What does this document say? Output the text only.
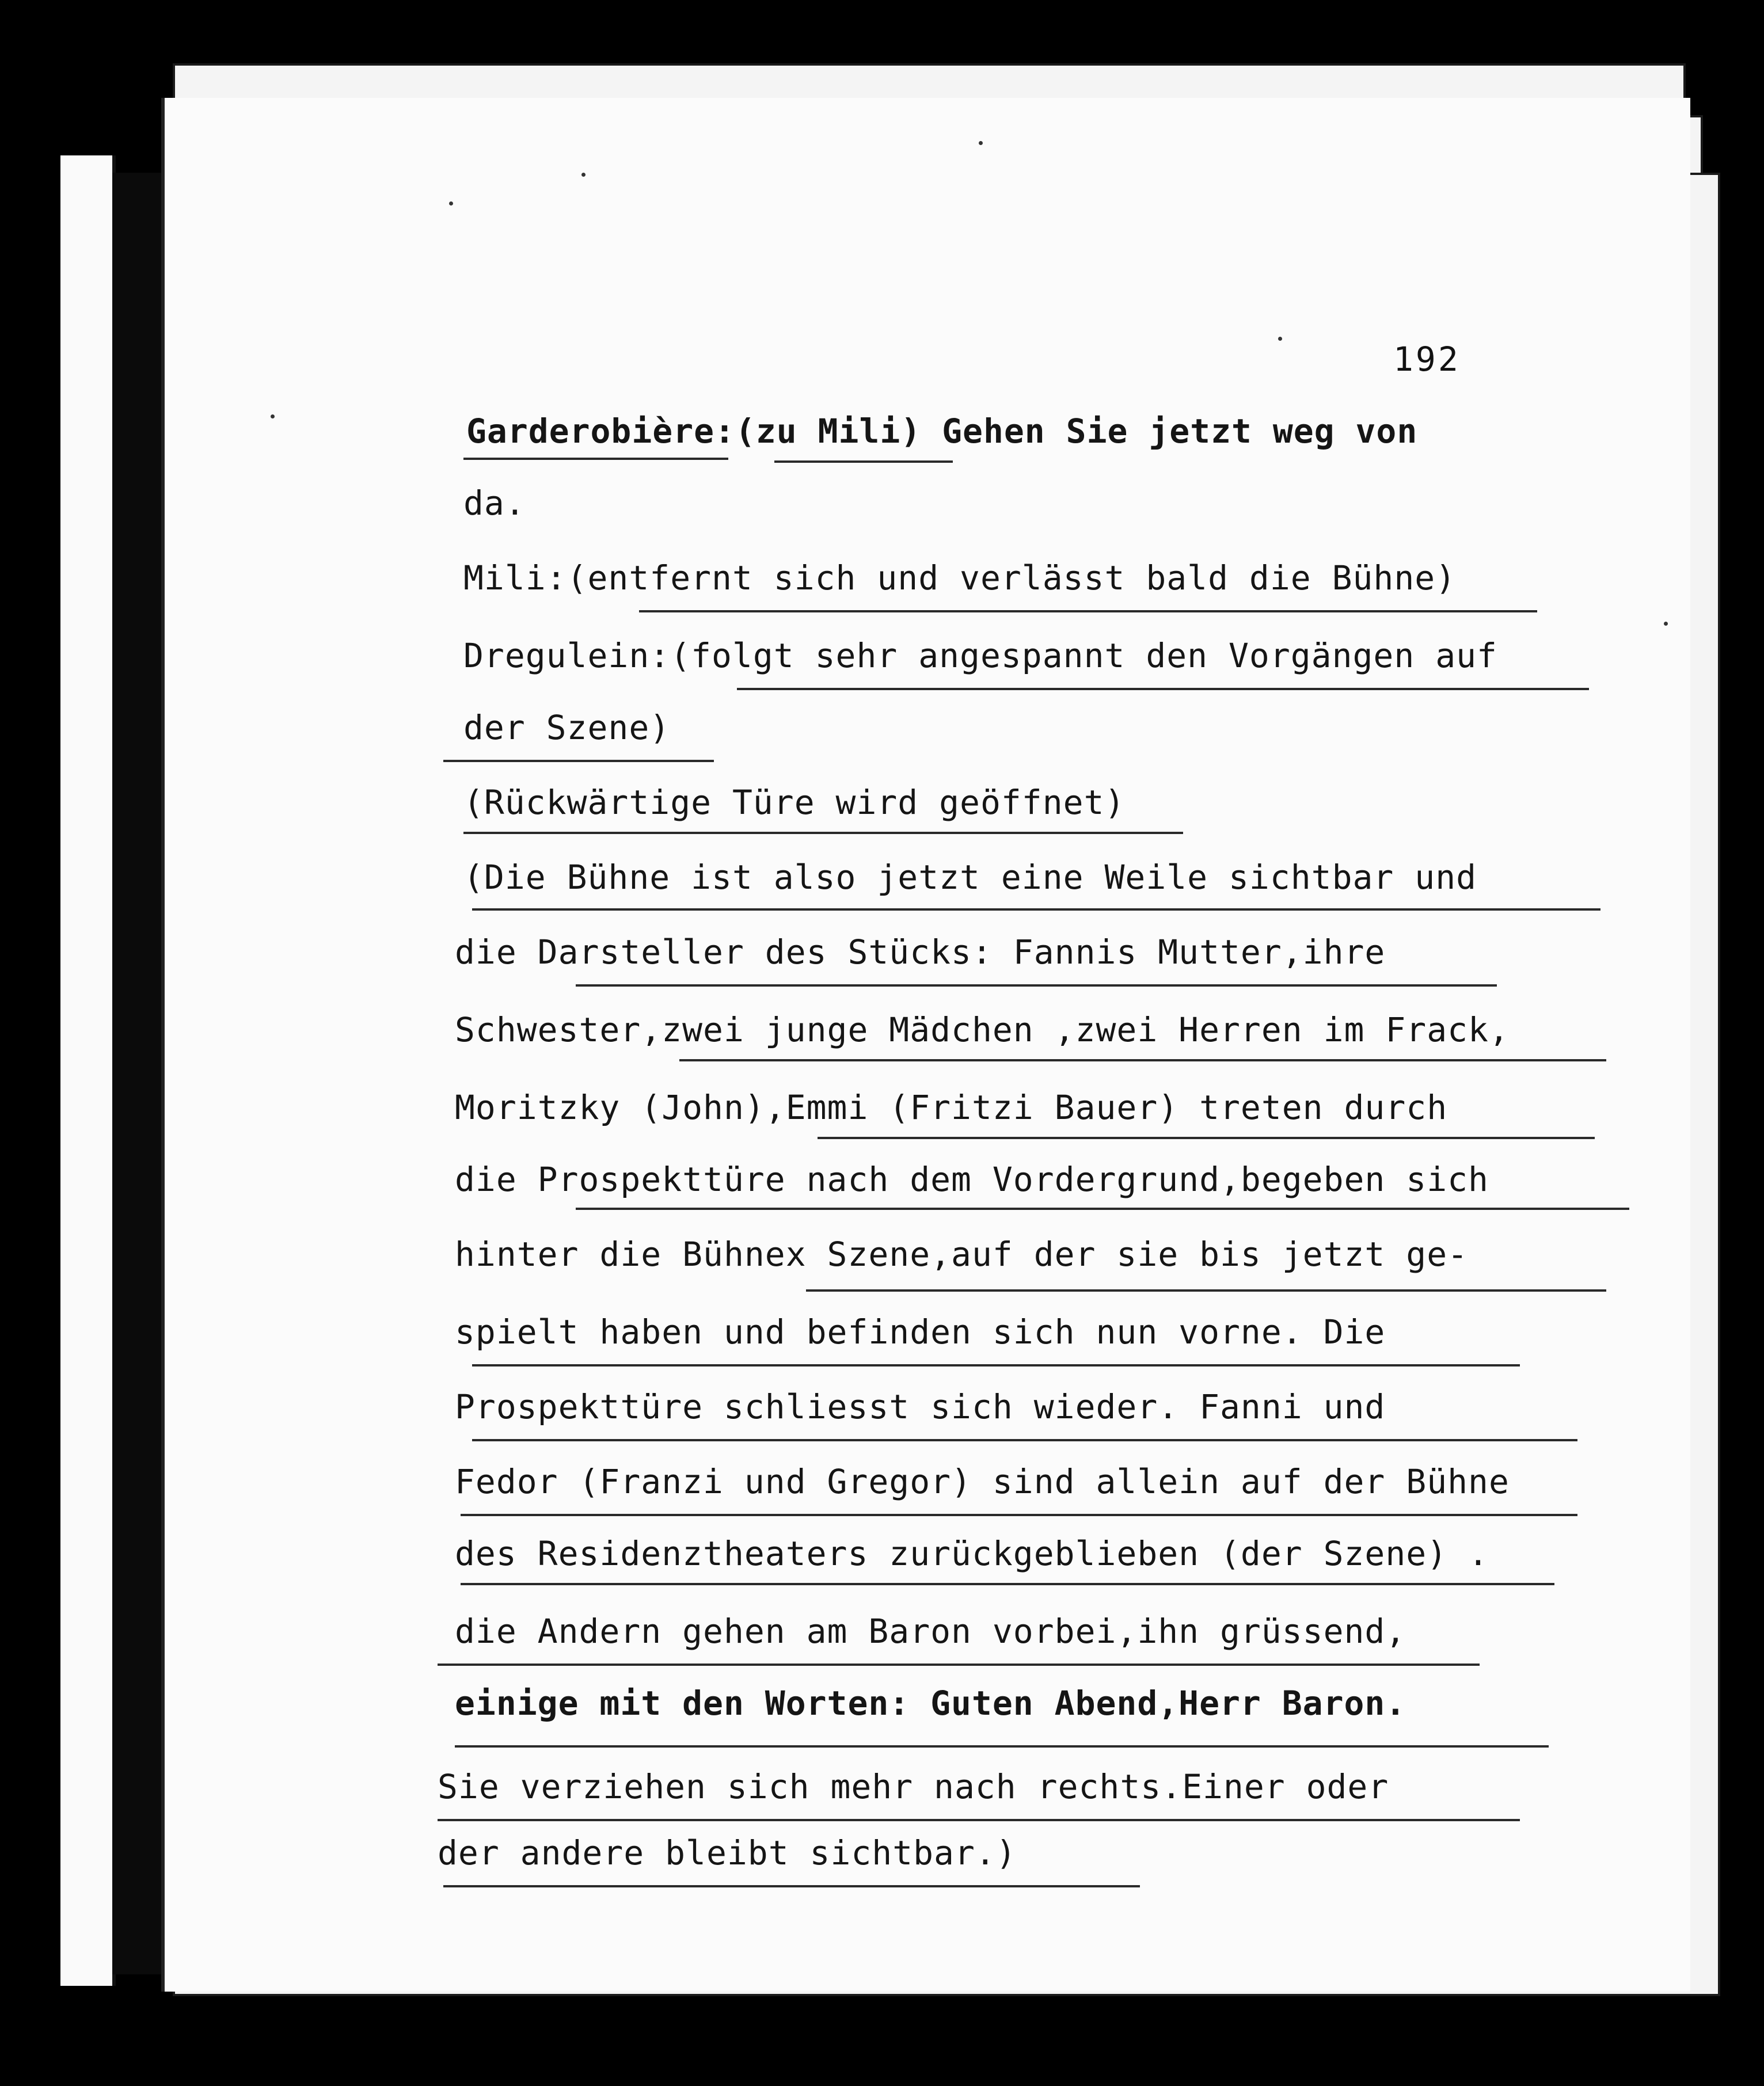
192
Garderobière:(zu Mili) Gehen Sie jetzt weg von
da.
Mili:(entfernt sich und verlässt bald die Bühne)
Dregulein:(folgt sehr angespannt den Vorgängen auf
der Szene)
(Rückwärtige Türe wird geöffnet)
(Die Bühne ist also jetzt eine Weile sichtbar und
die Darsteller des Stücks: Fannis Mutter,ihre
Schwester,zwei junge Mädchen ,zwei Herren im Frack,
Moritzky (John),Emmi (Fritzi Bauer) treten durch
die Prospekttüre nach dem Vordergrund,begeben sich
hinter die Bühnex Szene,auf der sie bis jetzt ge-
spielt haben und befinden sich nun vorne. Die
Prospekttüre schliesst sich wieder. Fanni und
Fedor (Franzi und Gregor) sind allein auf der Bühne
des Residenztheaters zurückgeblieben (der Szene) .
die Andern gehen am Baron vorbei,ihn grüssend,
einige mit den Worten: Guten Abend,Herr Baron.
Sie verziehen sich mehr nach rechts.Einer oder
der andere bleibt sichtbar.)
